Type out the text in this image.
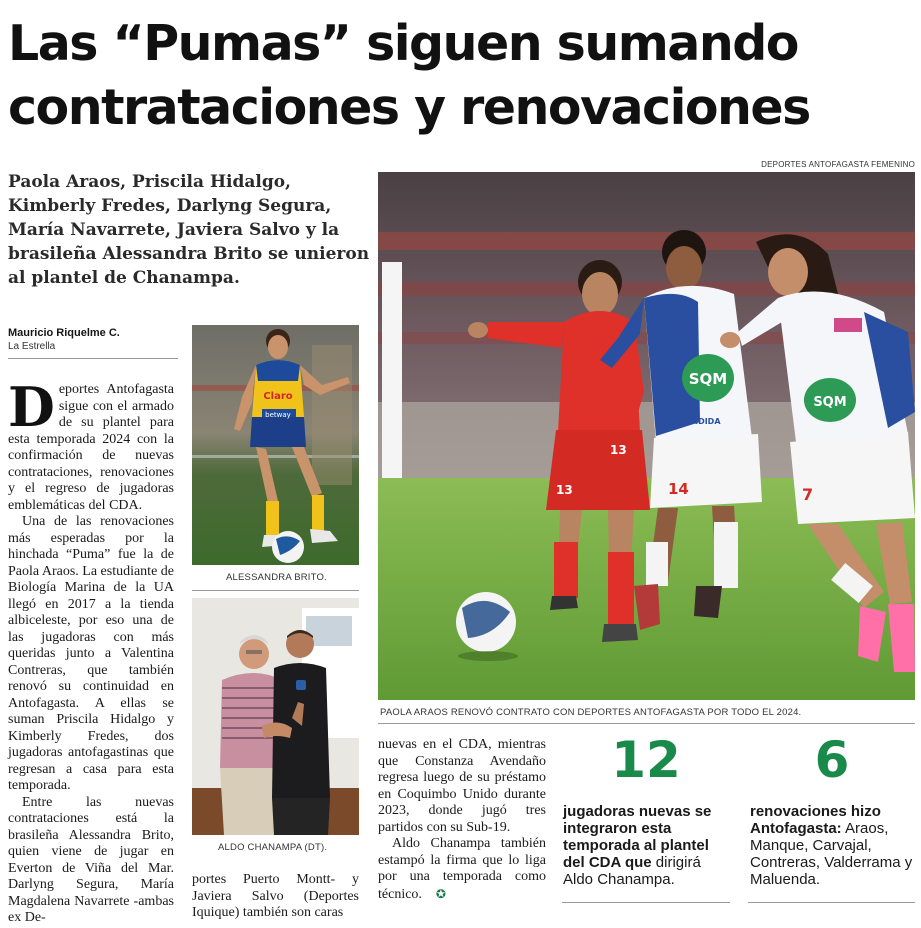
Las “Pumas” siguen sumando contrataciones y renovaciones
DEPORTES ANTOFAGASTA FEMENINO
Paola Araos, Priscila Hidalgo, Kimberly Fredes, Darlyng Segura, María Navarrete, Javiera Salvo y la brasileña Alessandra Brito se unieron al plantel de Chanampa.
Mauricio Riquelme C.
La Estrella

Deportes Antofagasta sigue con el armado de su plantel para esta temporada 2024 con la confirmación de nuevas contrataciones, renovaciones y el regreso de jugadoras emblemáticas del CDA.

Una de las renovaciones más esperadas por la hinchada “Puma” fue la de Paola Araos. La estudiante de Biología Marina de la UA llegó en 2017 a la tienda albiceleste, por eso una de las jugadoras con más queridas junto a Valentina Contreras, que también renovó su continuidad en Antofagasta. A ellas se suman Priscila Hidalgo y Kimberly Fredes, dos jugadoras antofagastinas que regresan a casa para esta temporada.

Entre las nuevas contrataciones está la brasileña Alessandra Brito, quien viene de jugar en Everton de Viña del Mar. Darlyng Segura, María Magdalena Navarrete -ambas ex De-

Claro
betway
ALESSANDRA BRITO.
ALDO CHANAMPA (DT).

portes Puerto Montt- y Javiera Salvo (Deportes Iquique) también son caras

13
13
SQM
ESCONDIDA
14
SQM
7
PAOLA ARAOS RENOVÓ CONTRATO CON DEPORTES ANTOFAGASTA POR TODO EL 2024.

nuevas en el CDA, mientras que Constanza Avendaño regresa luego de su préstamo en Coquimbo Unido durante 2023, donde jugó tres partidos con su Sub-19.

Aldo Chanampa también estampó la firma que lo liga por una temporada como técnico. ✪

12
jugadoras nuevas se integraron esta temporada al plantel del CDA que dirigirá Aldo Chanampa.
6
renovaciones hizo Antofagasta: Araos, Manque, Carvajal, Contreras, Valderrama y Maluenda.
